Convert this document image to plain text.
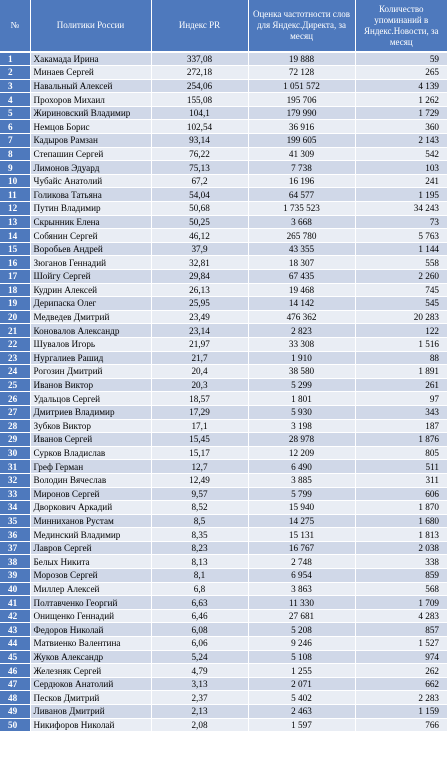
№	Политики России	Индекс PR	Оценка частотности слов для Яндекс.Директа, за месяц	Количество упоминаний в Яндекс.Новости, за месяц
1	Хакамада Ирина	337,08	19 888	59
2	Минаев Сергей	272,18	72 128	265
3	Навальный Алексей	254,06	1 051 572	4 139
4	Прохоров Михаил	155,08	195 706	1 262
5	Жириновский Владимир	104,1	179 990	1 729
6	Немцов Борис	102,54	36 916	360
7	Кадыров Рамзан	93,14	199 605	2 143
8	Степашин Сергей	76,22	41 309	542
9	Лимонов Эдуард	75,13	7 738	103
10	Чубайс Анатолий	67,2	16 196	241
11	Голикова Татьяна	54,04	64 577	1 195
12	Путин Владимир	50,68	1 735 523	34 243
13	Скрынник Елена	50,25	3 668	73
14	Собянин Сергей	46,12	265 780	5 763
15	Воробьев Андрей	37,9	43 355	1 144
16	Зюганов Геннадий	32,81	18 307	558
17	Шойгу Сергей	29,84	67 435	2 260
18	Кудрин Алексей	26,13	19 468	745
19	Дерипаска Олег	25,95	14 142	545
20	Медведев Дмитрий	23,49	476 362	20 283
21	Коновалов Александр	23,14	2 823	122
22	Шувалов Игорь	21,97	33 308	1 516
23	Нургалиев Рашид	21,7	1 910	88
24	Рогозин Дмитрий	20,4	38 580	1 891
25	Иванов Виктор	20,3	5 299	261
26	Удальцов Сергей	18,57	1 801	97
27	Дмитриев Владимир	17,29	5 930	343
28	Зубков Виктор	17,1	3 198	187
29	Иванов Сергей	15,45	28 978	1 876
30	Сурков Владислав	15,17	12 209	805
31	Греф Герман	12,7	6 490	511
32	Володин Вячеслав	12,49	3 885	311
33	Миронов Сергей	9,57	5 799	606
34	Дворкович Аркадий	8,52	15 940	1 870
35	Минниханов Рустам	8,5	14 275	1 680
36	Мединский Владимир	8,35	15 131	1 813
37	Лавров Сергей	8,23	16 767	2 038
38	Белых Никита	8,13	2 748	338
39	Морозов Сергей	8,1	6 954	859
40	Миллер Алексей	6,8	3 863	568
41	Полтавченко Георгий	6,63	11 330	1 709
42	Онищенко Геннадий	6,46	27 681	4 283
43	Федоров Николай	6,08	5 208	857
44	Матвиенко Валентина	6,06	9 246	1 527
45	Жуков Александр	5,24	5 108	974
46	Железняк Сергей	4,79	1 255	262
47	Сердюков Анатолий	3,13	2 071	662
48	Песков Дмитрий	2,37	5 402	2 283
49	Ливанов Дмитрий	2,13	2 463	1 159
50	Никифоров Николай	2,08	1 597	766
